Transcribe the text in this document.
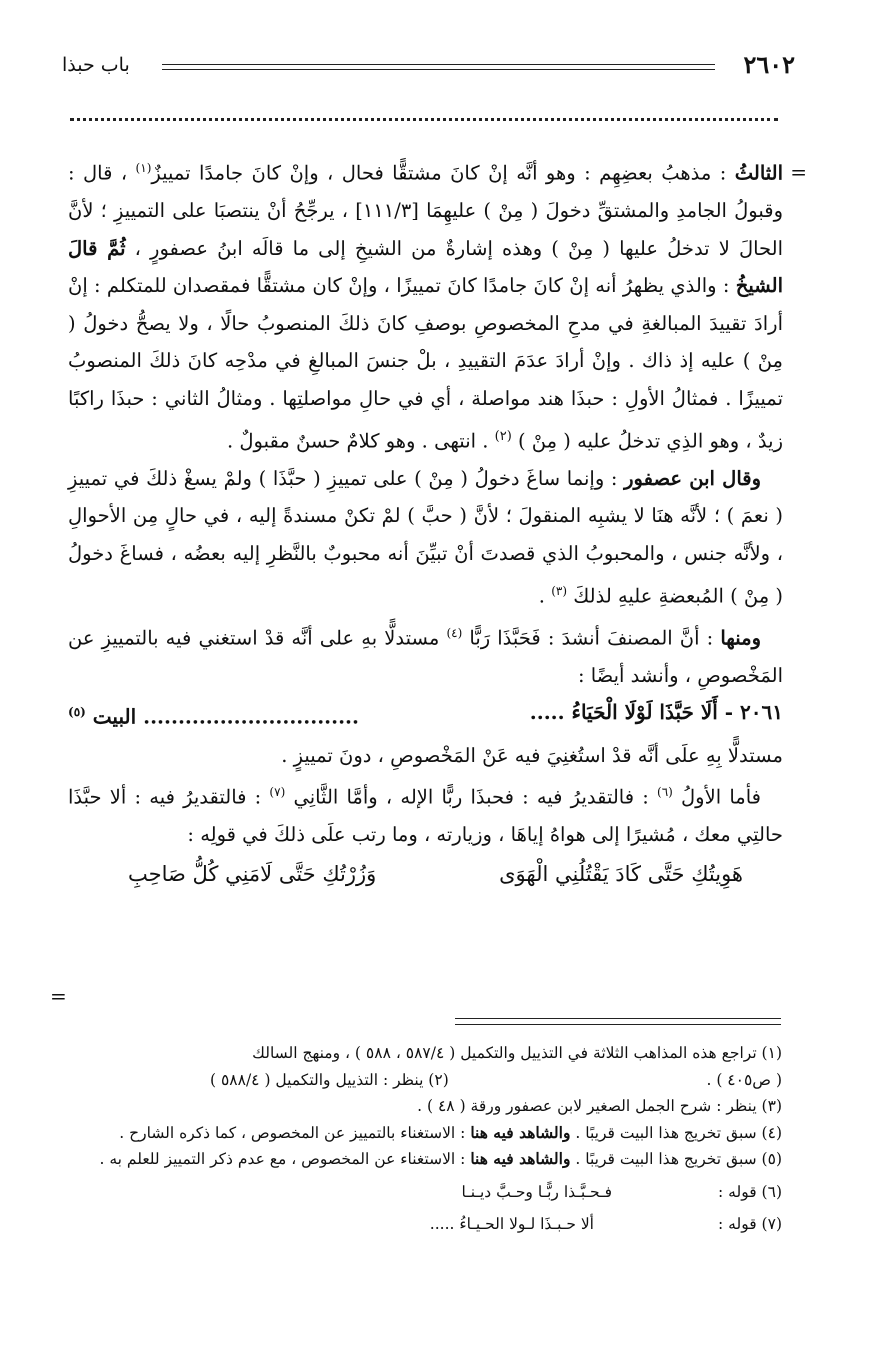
٢٦٠٢
باب حبذا
=

الثالثُ : مذهبُ بعضِهِم : وهو أنَّه إنْ كانَ مشتقًّا فحال ، وإنْ كانَ جامدًا تمييزٌ$^{(١)}$ ، قال : وقبولُ الجامدِ والمشتقِّ دخولَ ( مِنْ ) عليهِمَا [١١١/٣] ، يرجِّحُ أنْ ينتصبَا على التمييزِ ؛ لأنَّ الحالَ لا تدخلُ عليها ( مِنْ ) وهذه إشارةٌ من الشيخِ إلى ما قالَه ابنُ عصفورٍ ، ثُمَّ قالَ الشيخُ : والذي يظهرُ أنه إنْ كانَ جامدًا كانَ تمييزًا ، وإنْ كان مشتقًّا فمقصدان للمتكلم : إنْ أرادَ تقييدَ المبالغةِ في مدحِ المخصوصِ بوصفِ كانَ ذلكَ المنصوبُ حالًا ، ولا يصحُّ دخولُ ( مِنْ ) عليه إذ ذاك . وإنْ أرادَ عدَمَ التقييدِ ، بلْ جنسَ المبالغِ في مدْحِه كانَ ذلكَ المنصوبُ تمييزًا . فمثالُ الأولِ : حبذَا هند مواصلة ، أي في حالِ مواصلتِها . ومثالُ الثاني : حبذَا راكبًا زيدٌ ، وهو الذِي تدخلُ عليه ( مِنْ ) $^{(٢)}$ . انتهى . وهو كلامٌ حسنٌ مقبولٌ .

وقال ابن عصفور : وإنما ساغَ دخولُ ( مِنْ ) على تمييزِ ( حبَّذَا ) ولمْ يسغْ ذلكَ في تمييزِ ( نعمَ ) ؛ لأنَّه هنَا لا يشبِه المنقولَ ؛ لأنَّ ( حبَّ ) لمْ تكنْ مسندةً إليه ، في حالٍ مِن الأحوالِ ، ولأنَّه جنس ، والمحبوبُ الذي قصدتَ أنْ تبيِّنَ أنه محبوبٌ بالنَّظرِ إليه بعضُه ، فساغَ دخولُ ( مِنْ ) المُبعضةِ عليهِ لذلكَ $^{(٣)}$ .

ومنها : أنَّ المصنفَ أنشدَ : فَحَبَّذَا رَبًّا $^{(٤)}$ مستدلًّا بهِ على أنَّه قدْ استغني فيه بالتمييزِ عن المَخْصوصِ ، وأنشد أيضًا :

٢٠٦١ - أَلَا حَبَّذَا لَوْلَا الْحَيَاءُ .....
............................... البيت $^{(٥)}$

مستدلًّا بِهِ علَى أنَّه قدْ استُغنِيَ فيه عَنْ المَخْصوصِ ، دونَ تمييزٍ .

فأما الأولُ $^{(٦)}$ : فالتقديرُ فيه : فحبذَا ربًّا الإله ، وأمَّا الثَّانِي $^{(٧)}$ : فالتقديرُ فيه : ألا حبَّذَا حالتِي معك ، مُشيرًا إلى هواهُ إياهَا ، وزيارته ، وما رتب علَى ذلكَ في قولِه :

هَوِيتُكِ حَتَّى كَادَ يَقْتُلُنِي الْهَوَى
وَزُرْتُكِ حَتَّى لَامَنِي كُلُّ صَاحِبِ
=

(١) تراجع هذه المذاهب الثلاثة في التذييل والتكميل ( ٥٨٧/٤ ، ٥٨٨ ) ، ومنهج السالك

( ص٤٠٥ ) .
(٢) ينظر : التذييل والتكميل ( ٥٨٨/٤ )

(٣) ينظر : شرح الجمل الصغير لابن عصفور ورقة ( ٤٨ ) .

(٤) سبق تخريج هذا البيت قريبًا . والشاهد فيه هنا : الاستغناء بالتمييز عن المخصوص ، كما ذكره الشارح .

(٥) سبق تخريج هذا البيت قريبًا . والشاهد فيه هنا : الاستغناء عن المخصوص ، مع عدم ذكر التمييز للعلم به .

(٦) قوله :
فـحـبَّـذا ربًّـا وحـبَّ ديـنـا

(٧) قوله :
ألا حـبـذَا لـولا الحـيـاءُ .....
